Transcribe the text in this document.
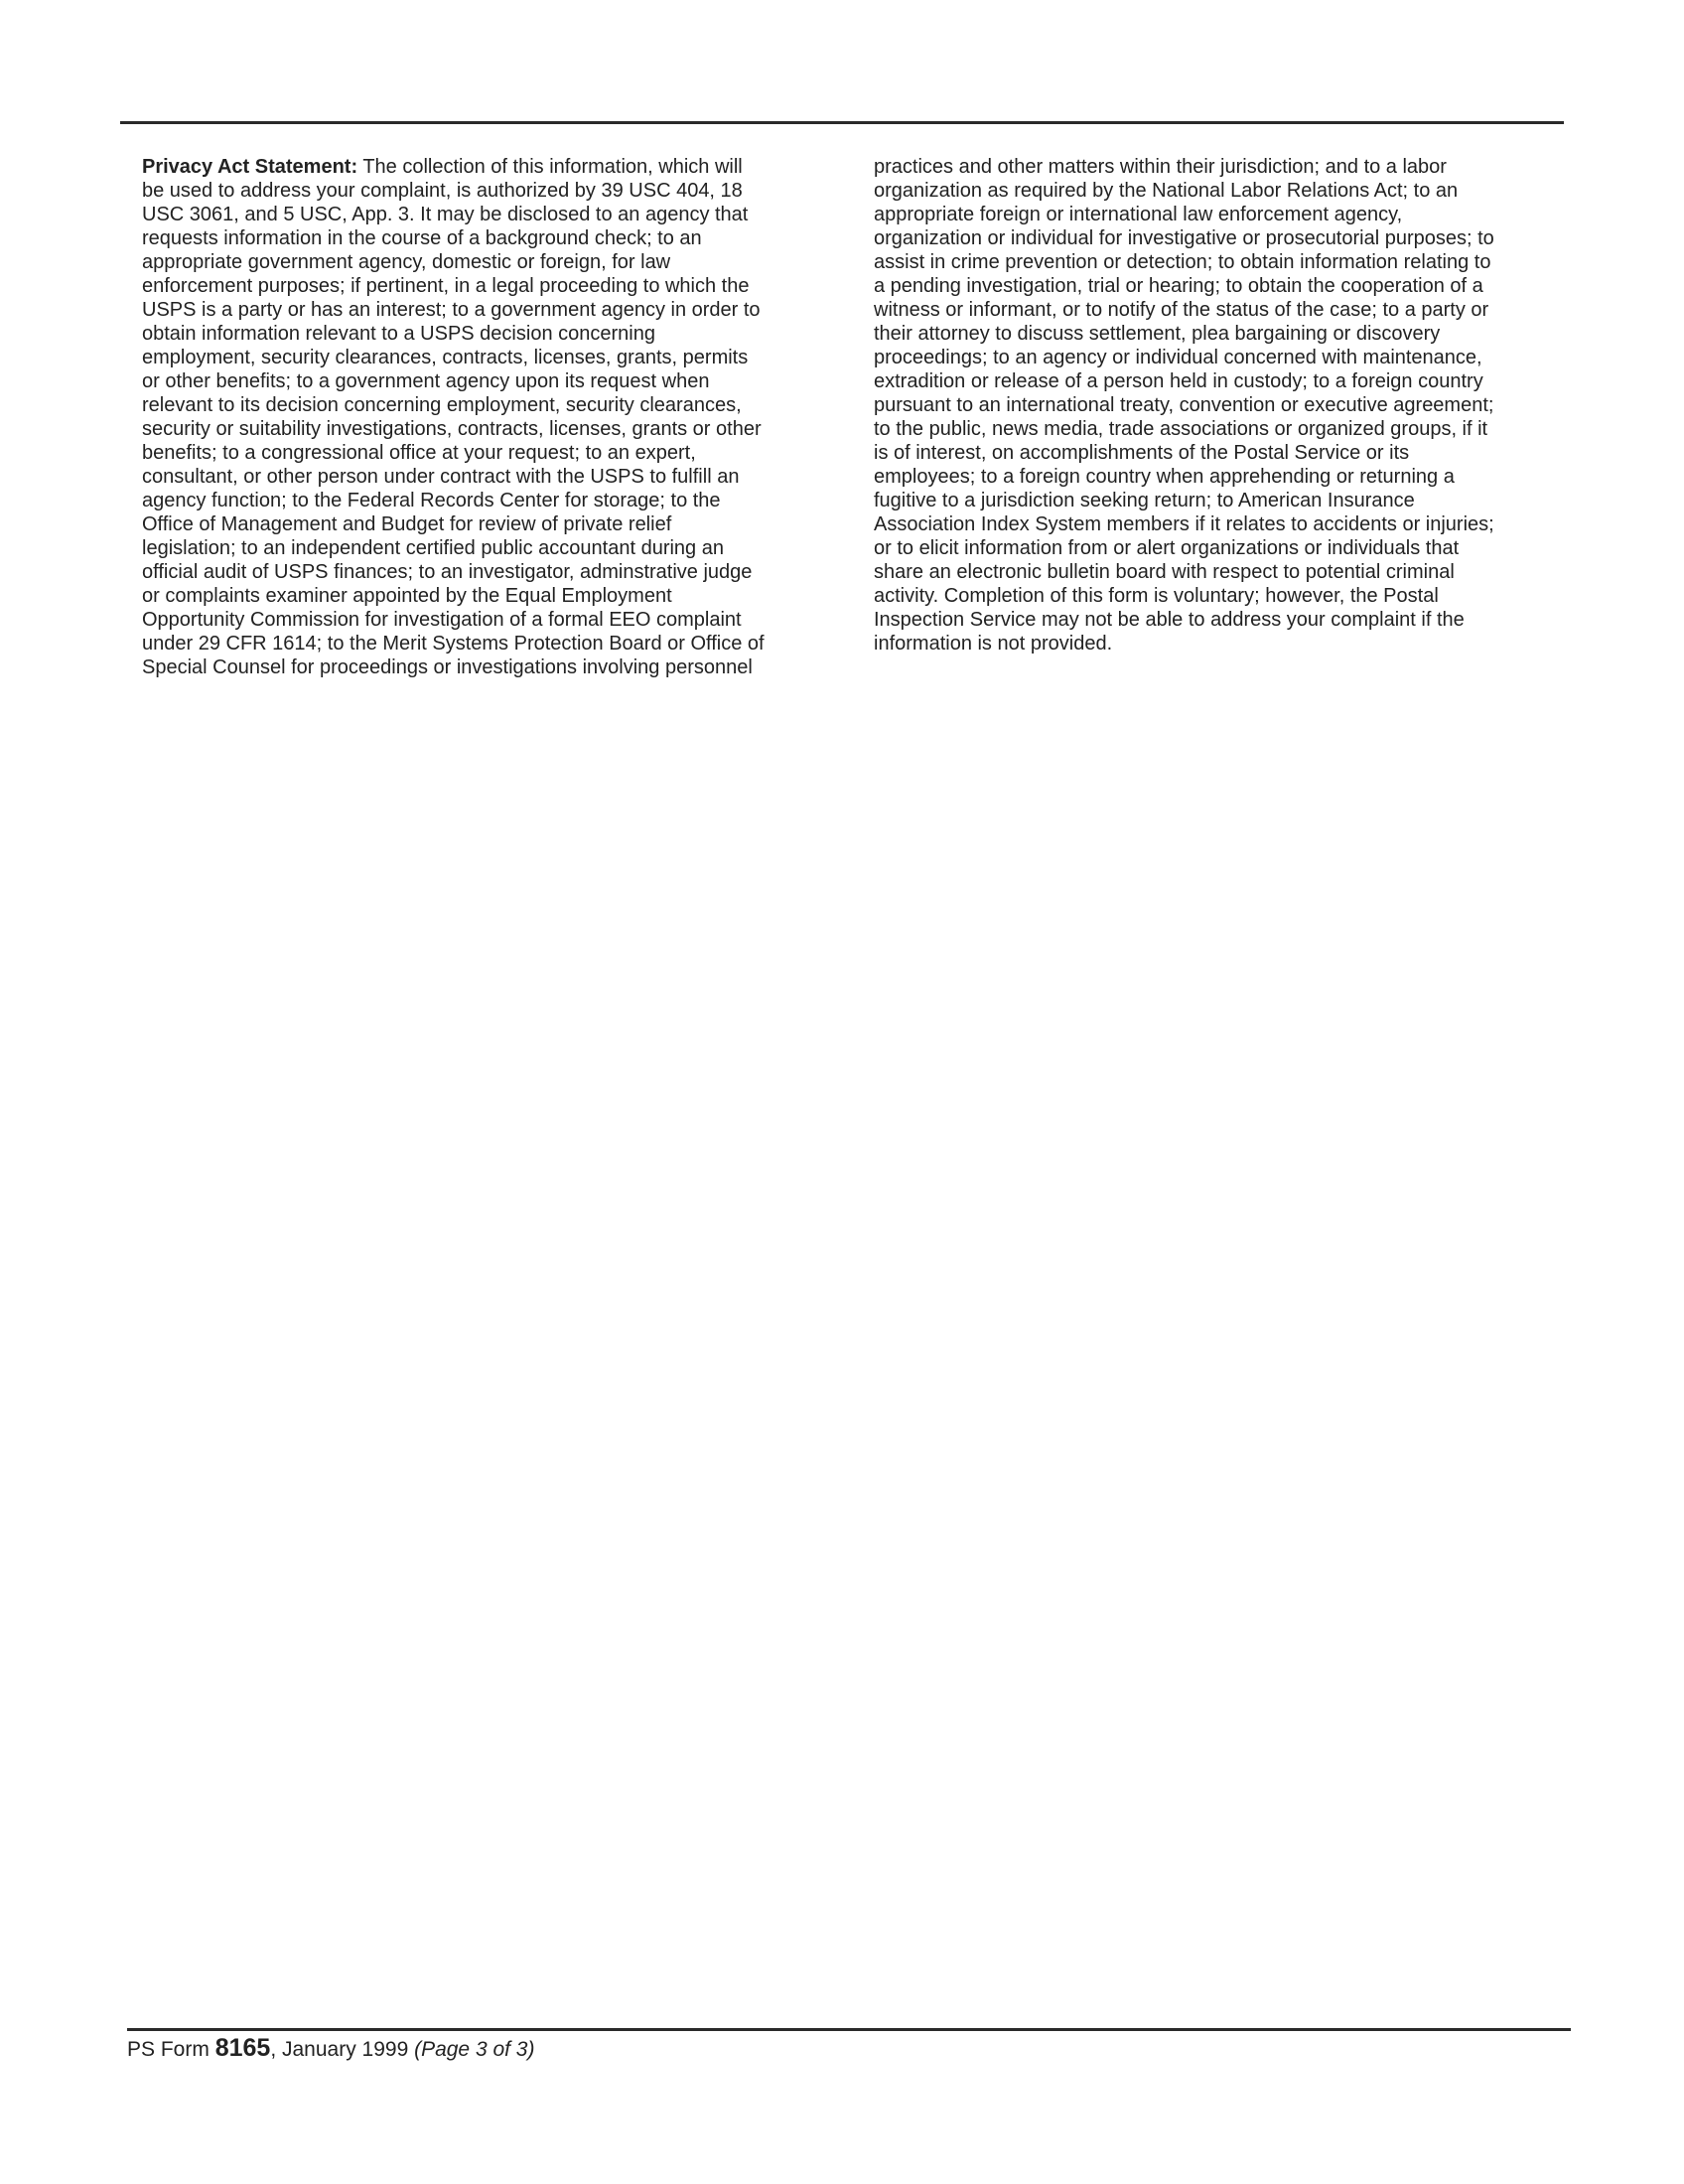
Privacy Act Statement: The collection of this information, which will
be used to address your complaint, is authorized by 39 USC 404, 18
USC 3061, and 5 USC, App. 3. It may be disclosed to an agency that
requests information in the course of a background check; to an
appropriate government agency, domestic or foreign, for law
enforcement purposes; if pertinent, in a legal proceeding to which the
USPS is a party or has an interest; to a government agency in order to
obtain information relevant to a USPS decision concerning
employment, security clearances, contracts, licenses, grants, permits
or other benefits; to a government agency upon its request when
relevant to its decision concerning employment, security clearances,
security or suitability investigations, contracts, licenses, grants or other
benefits; to a congressional office at your request; to an expert,
consultant, or other person under contract with the USPS to fulfill an
agency function; to the Federal Records Center for storage; to the
Office of Management and Budget for review of private relief
legislation; to an independent certified public accountant during an
official audit of USPS finances; to an investigator, adminstrative judge
or complaints examiner appointed by the Equal Employment
Opportunity Commission for investigation of a formal EEO complaint
under 29 CFR 1614; to the Merit Systems Protection Board or Office of
Special Counsel for proceedings or investigations involving personnel
practices and other matters within their jurisdiction; and to a labor
organization as required by the National Labor Relations Act; to an
appropriate foreign or international law enforcement agency,
organization or individual for investigative or prosecutorial purposes; to
assist in crime prevention or detection; to obtain information relating to
a pending investigation, trial or hearing; to obtain the cooperation of a
witness or informant, or to notify of the status of the case; to a party or
their attorney to discuss settlement, plea bargaining or discovery
proceedings; to an agency or individual concerned with maintenance,
extradition or release of a person held in custody; to a foreign country
pursuant to an international treaty, convention or executive agreement;
to the public, news media, trade associations or organized groups, if it
is of interest, on accomplishments of the Postal Service or its
employees; to a foreign country when apprehending or returning a
fugitive to a jurisdiction seeking return; to American Insurance
Association Index System members if it relates to accidents or injuries;
or to elicit information from or alert organizations or individuals that
share an electronic bulletin board with respect to potential criminal
activity. Completion of this form is voluntary; however, the Postal
Inspection Service may not be able to address your complaint if the
information is not provided.
PS Form 8165, January 1999 (Page 3 of 3)
